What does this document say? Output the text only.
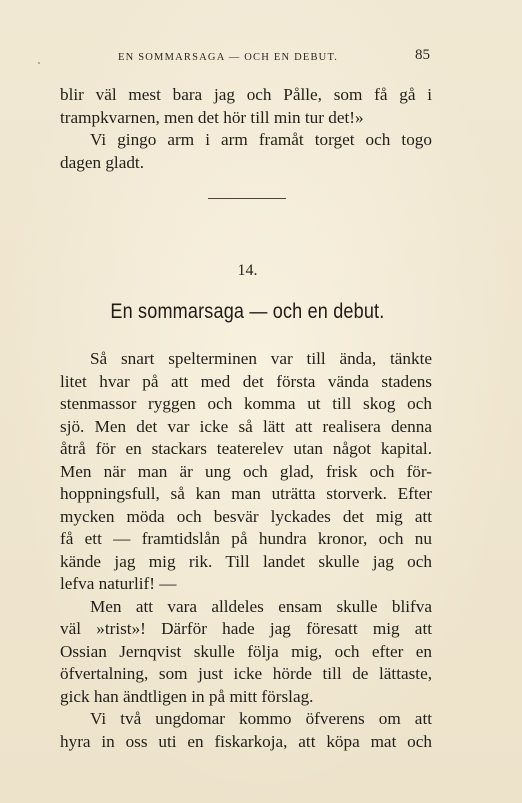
EN SOMMARSAGA — OCH EN DEBUT.	85
blir väl mest bara jag och Pålle, som få gå i
trampkvarnen, men det hör till min tur det!»
Vi gingo arm i arm framåt torget och togo
dagen gladt.
14.
En sommarsaga — och en debut.
Så snart spelterminen var till ända, tänkte
litet hvar på att med det första vända stadens
stenmassor ryggen och komma ut till skog och
sjö. Men det var icke så lätt att realisera denna
åtrå för en stackars teaterelev utan något kapital.
Men när man är ung och glad, frisk och för-
hoppningsfull, så kan man uträtta storverk. Efter
mycken möda och besvär lyckades det mig att
få ett — framtidslån på hundra kronor, och nu
kände jag mig rik. Till landet skulle jag och
lefva naturlif! —
Men att vara alldeles ensam skulle blifva
väl »trist»! Därför hade jag föresatt mig att
Ossian Jernqvist skulle följa mig, och efter en
öfvertalning, som just icke hörde till de lättaste,
gick han ändtligen in på mitt förslag.
Vi två ungdomar kommo öfverens om att
hyra in oss uti en fiskarkoja, att köpa mat och
